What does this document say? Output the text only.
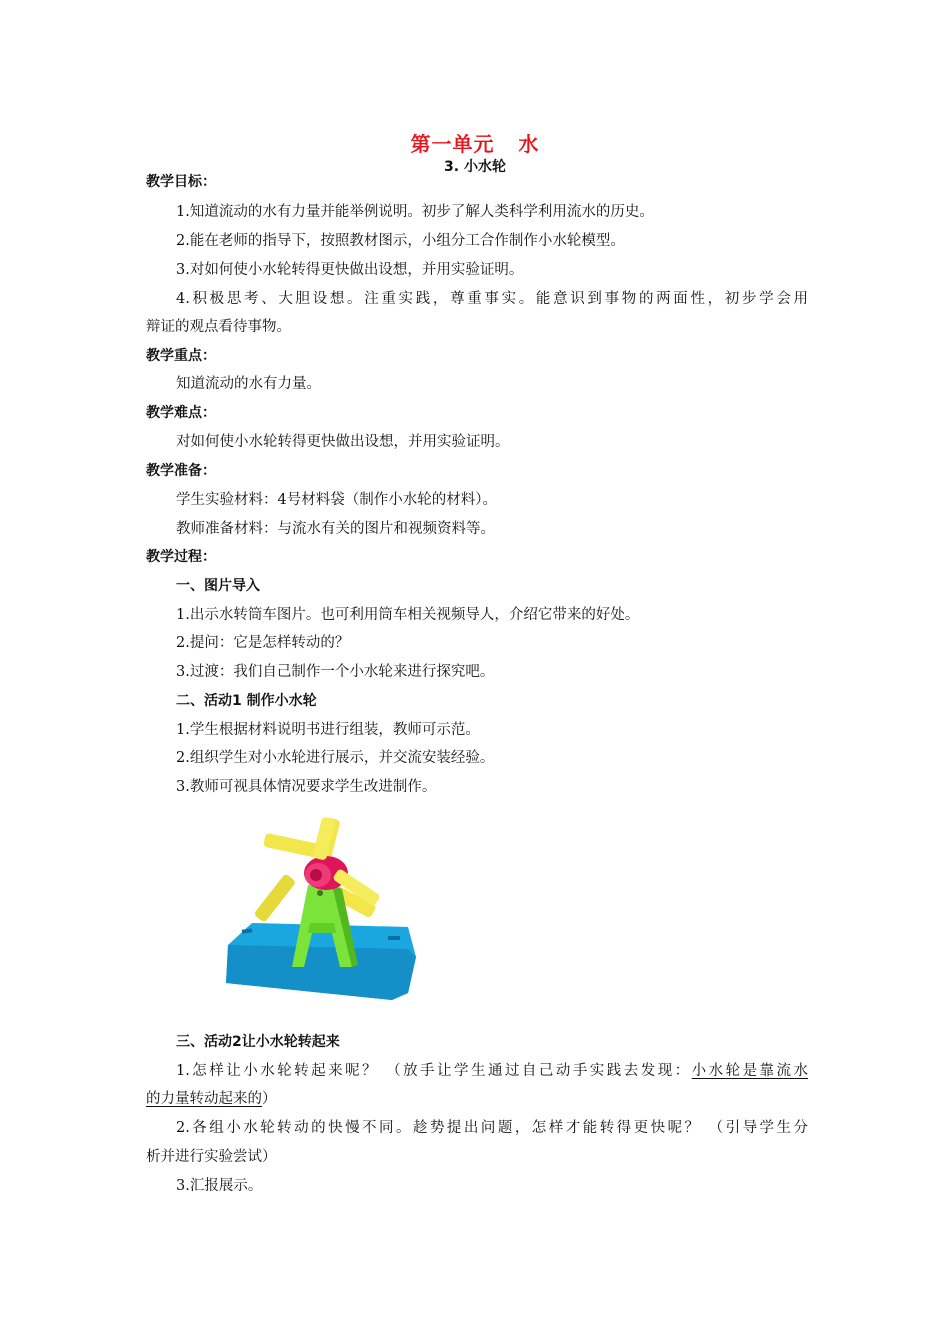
第一单元   水
3. 小水轮
教学目标：
1.知道流动的水有力量并能举例说明。初步了解人类科学利用流水的历史。
2.能在老师的指导下，按照教材图示，小组分工合作制作小水轮模型。
3.对如何使小水轮转得更快做出设想，并用实验证明。
4.积极思考、大胆设想。注重实践，尊重事实。能意识到事物的两面性，初步学会用
辩证的观点看待事物。
教学重点：
知道流动的水有力量。
教学难点：
对如何使小水轮转得更快做出设想，并用实验证明。
教学准备：
学生实验材料：4号材料袋（制作小水轮的材料）。
教师准备材料：与流水有关的图片和视频资料等。
教学过程：
一、图片导入
1.出示水转筒车图片。也可利用筒车相关视频导人，介绍它带来的好处。
2.提问：它是怎样转动的？
3.过渡：我们自己制作一个小水轮来进行探究吧。
二、活动1 制作小水轮
1.学生根据材料说明书进行组装，教师可示范。
2.组织学生对小水轮进行展示，并交流安装经验。
3.教师可视具体情况要求学生改进制作。
三、活动2让小水轮转起来
1.怎样让小水轮转起来呢？ （放手让学生通过自己动手实践去发现：小水轮是靠流水
的力量转动起来的）
2.各组小水轮转动的快慢不同。趁势提出问题，怎样才能转得更快呢？ （引导学生分
析并进行实验尝试）
3.汇报展示。
